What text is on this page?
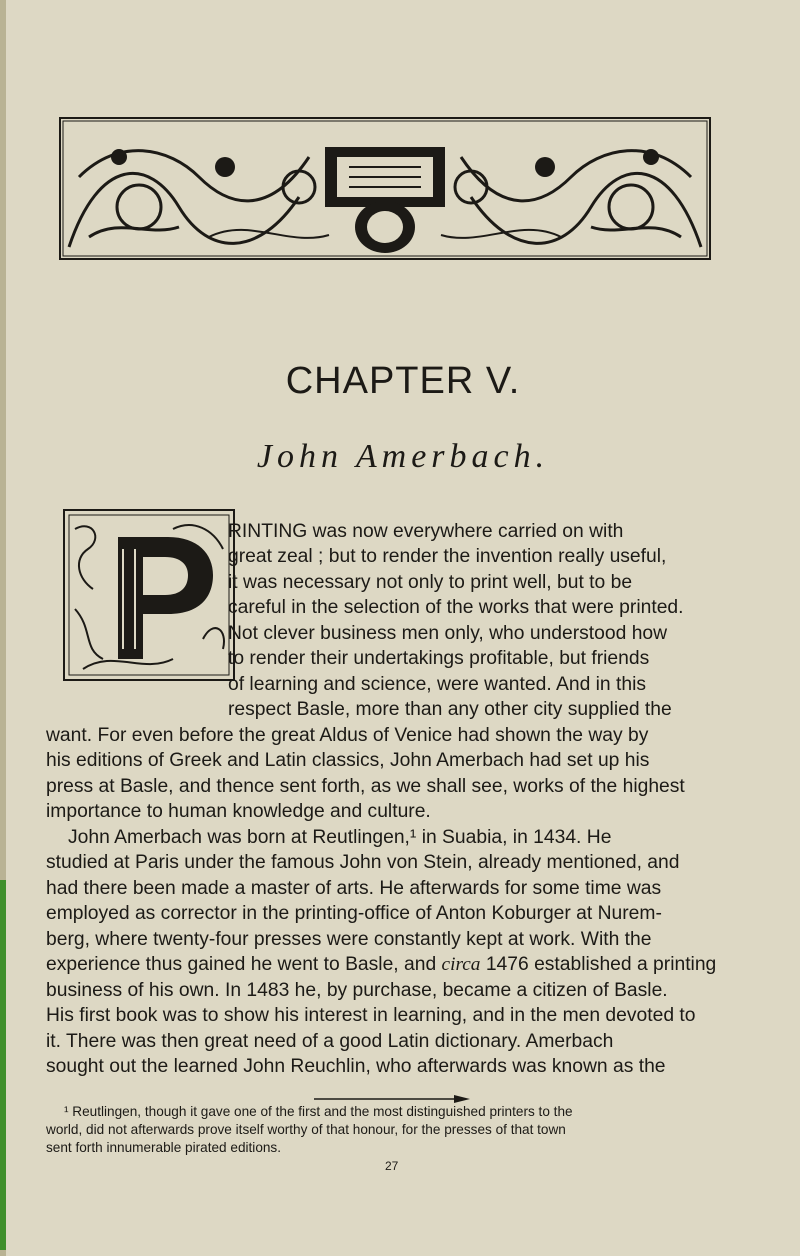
CHAPTER V.
John Amerbach.
RINTING was now everywhere carried on with
great zeal ; but to render the invention really useful,
it was necessary not only to print well, but to be
careful in the selection of the works that were printed.
Not clever business men only, who understood how
to render their undertakings profitable, but friends
of learning and science, were wanted. And in this
respect Basle, more than any other city supplied the
want. For even before the great Aldus of Venice had shown the way by
his editions of Greek and Latin classics, John Amerbach had set up his
press at Basle, and thence sent forth, as we shall see, works of the highest
importance to human knowledge and culture.
John Amerbach was born at Reutlingen,¹ in Suabia, in 1434. He
studied at Paris under the famous John von Stein, already mentioned, and
had there been made a master of arts. He afterwards for some time was
employed as corrector in the printing-office of Anton Koburger at Nurem-
berg, where twenty-four presses were constantly kept at work. With the
experience thus gained he went to Basle, and circa 1476 established a printing
business of his own. In 1483 he, by purchase, became a citizen of Basle.
His first book was to show his interest in learning, and in the men devoted to
it. There was then great need of a good Latin dictionary. Amerbach
sought out the learned John Reuchlin, who afterwards was known as the
¹ Reutlingen, though it gave one of the first and the most distinguished printers to the
world, did not afterwards prove itself worthy of that honour, for the presses of that town
sent forth innumerable pirated editions.
27
